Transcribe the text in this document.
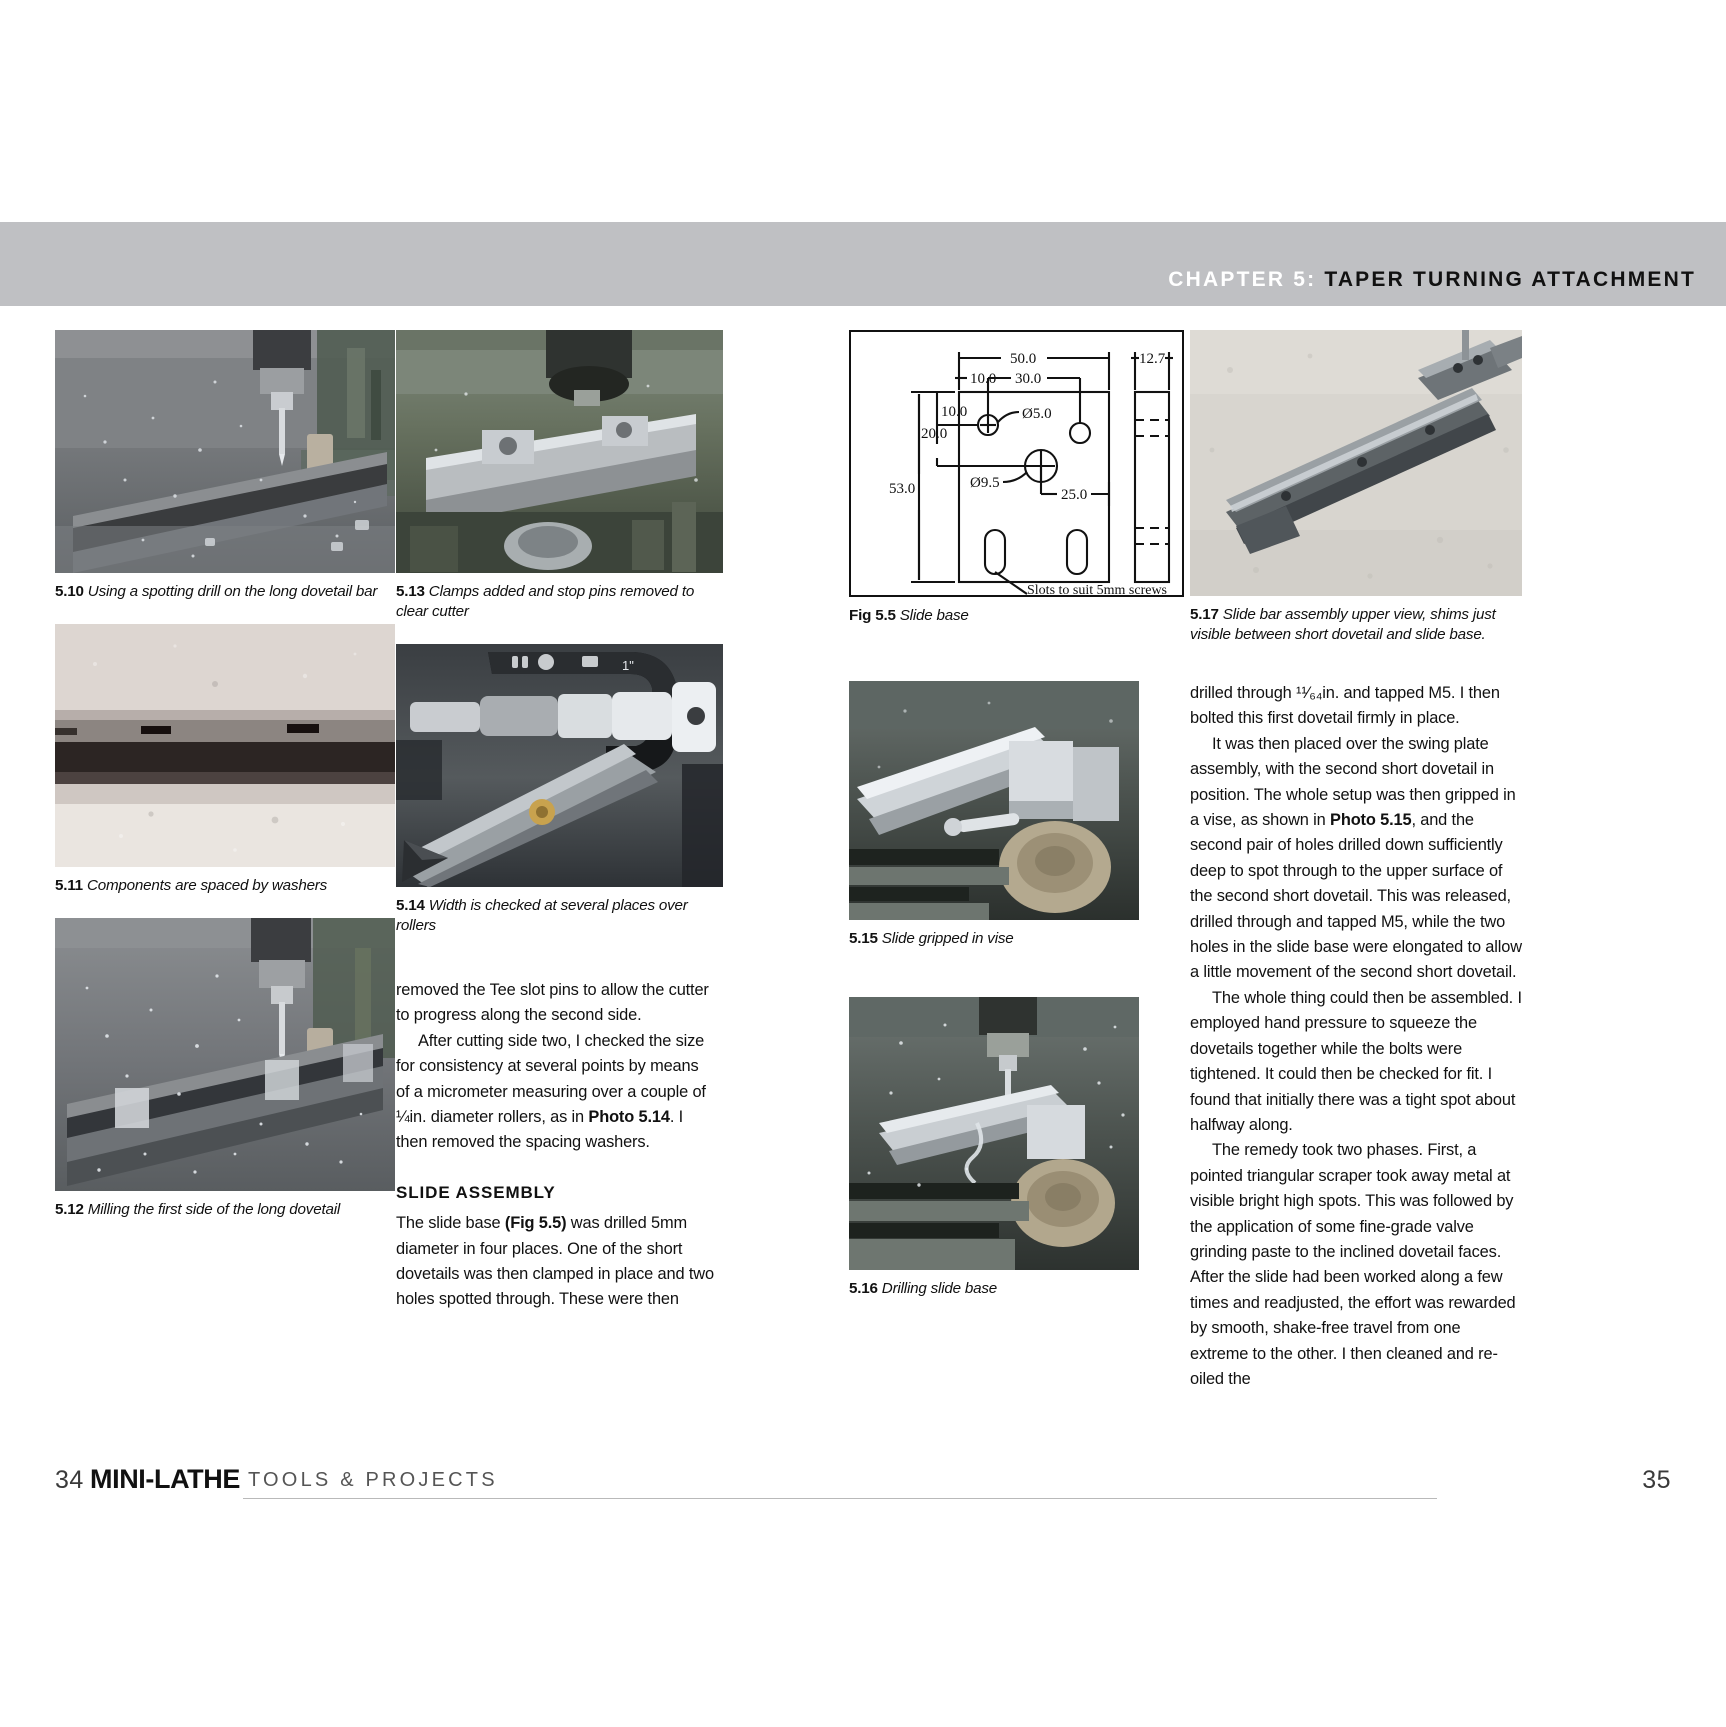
CHAPTER 5: TAPER TURNING ATTACHMENT
5.10 Using a spotting drill on the long dovetail bar
5.11 Components are spaced by washers
5.12 Milling the first side of the long dovetail
5.13 Clamps added and stop pins removed to clear cutter
1"
5.14 Width is checked at several places over rollers

removed the Tee slot pins to allow the cutter to progress along the second side.

After cutting side two, I checked the size for consistency at several points by means of a micrometer measuring over a couple of ¼in. diameter rollers, as in Photo 5.14. I then removed the spacing washers.

SLIDE ASSEMBLY

The slide base (Fig 5.5) was drilled 5mm diameter in four places. One of the short dovetails was then clamped in place and two holes spotted through. These were then

50.0
10.0 30.0
10.0
20.0
53.0
Ø5.0
Ø9.5
25.0
12.7
Slots to suit 5mm screws
Fig 5.5 Slide base
5.15 Slide gripped in vise
5.16 Drilling slide base
5.17 Slide bar assembly upper view, shims just visible between short dovetail and slide base.

drilled through ¹¹⁄₆₄in. and tapped M5. I then bolted this first dovetail firmly in place.

It was then placed over the swing plate assembly, with the second short dovetail in position. The whole setup was then gripped in a vise, as shown in Photo 5.15, and the second pair of holes drilled down sufficiently deep to spot through to the upper surface of the second short dovetail. This was released, drilled through and tapped M5, while the two holes in the slide base were elongated to allow a little movement of the second short dovetail.

The whole thing could then be assembled. I employed hand pressure to squeeze the dovetails together while the bolts were tightened. It could then be checked for fit. I found that initially there was a tight spot about halfway along.

The remedy took two phases. First, a pointed triangular scraper took away metal at visible bright high spots. This was followed by the application of some fine-grade valve grinding paste to the inclined dovetail faces. After the slide had been worked along a few times and readjusted, the effort was rewarded by smooth, shake-free travel from one extreme to the other. I then cleaned and re-oiled the

34 MINI-LATHE TOOLS & PROJECTS	35
